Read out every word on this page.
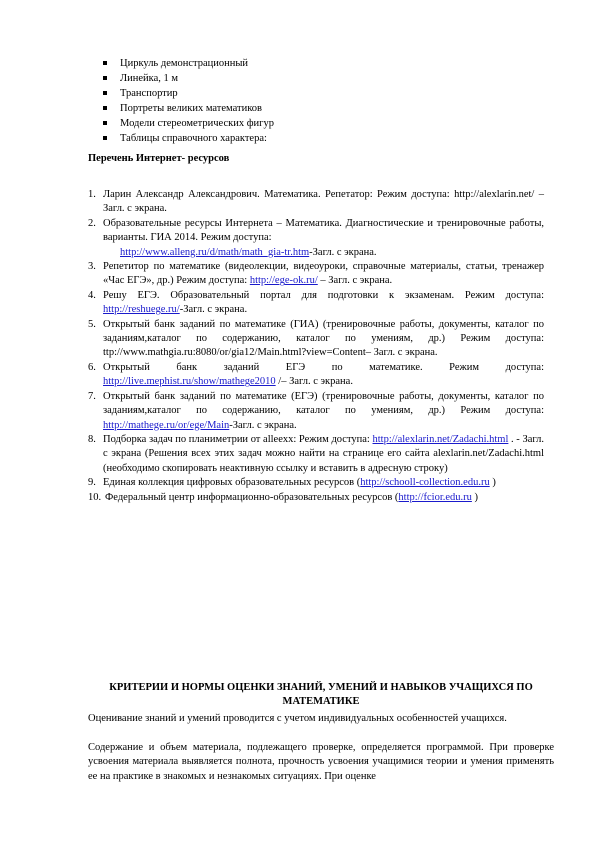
Циркуль демонстрационный
Линейка, 1 м
Транспортир
Портреты великих математиков
Модели стереометрических фигур
Таблицы справочного характера:
Перечень Интернет- ресурсов
1. Ларин Александр Александрович. Математика. Репетатор: Режим доступа: http://alexlarin.net/ – Загл. с экрана.
2. Образовательные ресурсы Интернета – Математика. Диагностические и тренировочные работы, варианты. ГИА 2014. Режим доступа:
http://www.alleng.ru/d/math/math_gia-tr.htm-Загл. с экрана.
3. Репетитор по математике (видеолекции, видеоуроки, справочные материалы, статьи, тренажер «Час ЕГЭ», др.) Режим доступа: http://ege-ok.ru/ – Загл. с экрана.
4. Решу ЕГЭ. Образовательный портал для подготовки к экзаменам. Режим доступа: http://reshuege.ru/-Загл. с экрана.
5. Открытый банк заданий по математике (ГИА) (тренировочные работы, документы, каталог по заданиям,каталог по содержанию, каталог по умениям, др.) Режим доступа: ttp://www.mathgia.ru:8080/or/gia12/Main.html?view=Content– Загл. с экрана.
6. Открытый банк заданий ЕГЭ по математике. Режим доступа: http://live.mephist.ru/show/mathege2010 /– Загл. с экрана.
7. Открытый банк заданий по математике (ЕГЭ) (тренировочные работы, документы, каталог по заданиям,каталог по содержанию, каталог по умениям, др.) Режим доступа: http://mathege.ru/or/ege/Main-Загл. с экрана.
8. Подборка задач по планиметрии от alleexx: Режим доступа: http://alexlarin.net/Zadachi.html . - Загл. с экрана (Решения всех этих задач можно найти на странице его сайта alexlarin.net/Zadachi.html (необходимо скопировать неактивную ссылку и вставить в адресную строку)
9. Единая коллекция цифровых образовательных ресурсов (http://schooll-collection.edu.ru )
10. Федеральный центр информационно-образовательных ресурсов (http://fcior.edu.ru )
КРИТЕРИИ И НОРМЫ ОЦЕНКИ ЗНАНИЙ, УМЕНИЙ И НАВЫКОВ УЧАЩИХСЯ ПО МАТЕМАТИКЕ

Оценивание знаний и умений проводится с учетом индивидуальных особенностей учащихся.

Содержание и объем материала, подлежащего проверке, определяется программой. При проверке усвоения материала выявляется полнота, прочность усвоения учащимися теории и умения применять ее на практике в знакомых и незнакомых ситуациях. При оценке
